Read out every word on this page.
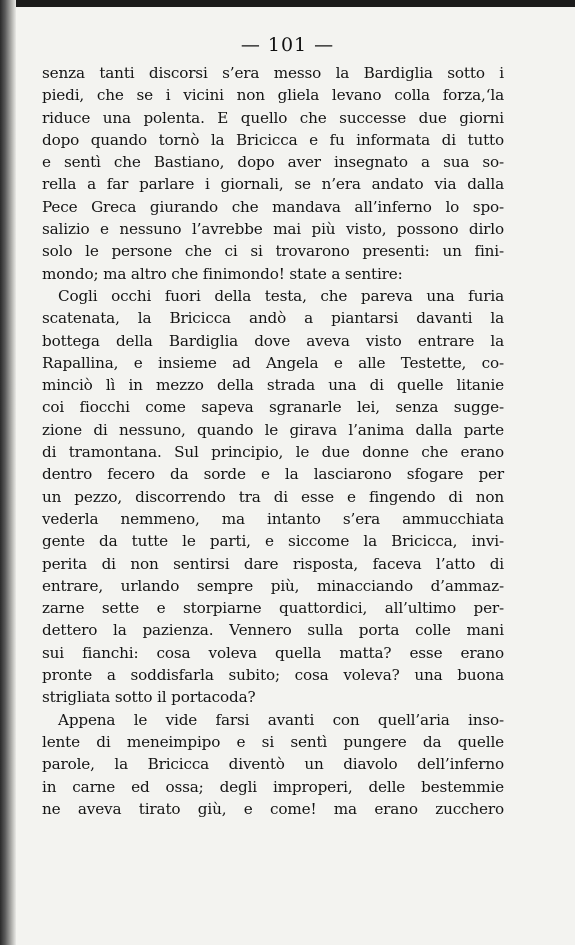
— 101 —
senza tanti discorsi s’era messo la Bardiglia sotto i
piedi, che se i vicini non gliela levano colla forza,‘la
riduce una polenta. E quello che successe due giorni
dopo quando tornò la Bricicca e fu informata di tutto
e sentì che Bastiano, dopo aver insegnato a sua so-
rella a far parlare i giornali, se n’era andato via dalla
Pece Greca giurando che mandava all’inferno lo spo-
salizio e nessuno l’avrebbe mai più visto, possono dirlo
solo le persone che ci si trovarono presenti: un fini-
mondo; ma altro che finimondo! state a sentire:
Cogli occhi fuori della testa, che pareva una furia
scatenata, la Bricicca andò a piantarsi davanti la
bottega della Bardiglia dove aveva visto entrare la
Rapallina, e insieme ad Angela e alle Testette, co-
minciò lì in mezzo della strada una di quelle litanie
coi fiocchi come sapeva sgranarle lei, senza sugge-
zione di nessuno, quando le girava l’anima dalla parte
di tramontana. Sul principio, le due donne che erano
dentro fecero da sorde e la lasciarono sfogare per
un pezzo, discorrendo tra di esse e fingendo di non
vederla nemmeno, ma intanto s’era ammucchiata
gente da tutte le parti, e siccome la Bricicca, invi-
perita di non sentirsi dare risposta, faceva l’atto di
entrare, urlando sempre più, minacciando d’ammaz-
zarne sette e storpiarne quattordici, all’ultimo per-
dettero la pazienza. Vennero sulla porta colle mani
sui fianchi: cosa voleva quella matta? esse erano
pronte a soddisfarla subito; cosa voleva? una buona
strigliata sotto il portacoda?
Appena le vide farsi avanti con quell’aria inso-
lente di meneimpipo e si sentì pungere da quelle
parole, la Bricicca diventò un diavolo dell’inferno
in carne ed ossa; degli improperi, delle bestemmie
ne aveva tirato giù, e come! ma erano zucchero
